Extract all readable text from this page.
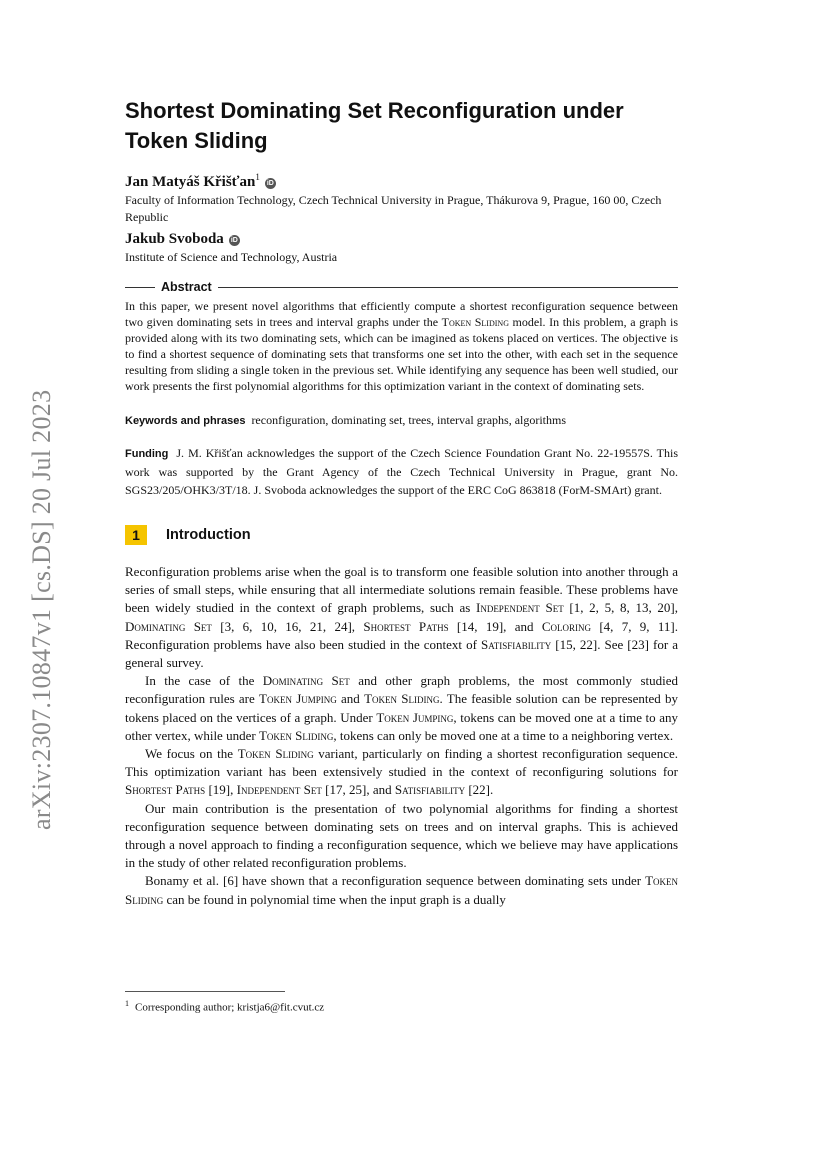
arXiv:2307.10847v1 [cs.DS] 20 Jul 2023
Shortest Dominating Set Reconfiguration under Token Sliding
Jan Matyáš Křišťan$^1$iD
Faculty of Information Technology, Czech Technical University in Prague, Thákurova 9, Prague, 160 00, Czech Republic
Jakub Svoboda iD
Institute of Science and Technology, Austria
Abstract

In this paper, we present novel algorithms that efficiently compute a shortest reconfiguration sequence between two given dominating sets in trees and interval graphs under the Token Sliding model. In this problem, a graph is provided along with its two dominating sets, which can be imagined as tokens placed on vertices. The objective is to find a shortest sequence of dominating sets that transforms one set into the other, with each set in the sequence resulting from sliding a single token in the previous set. While identifying any sequence has been well studied, our work presents the first polynomial algorithms for this optimization variant in the context of dominating sets.

Keywords and phrases reconfiguration, dominating set, trees, interval graphs, algorithms
Funding J. M. Křišťan acknowledges the support of the Czech Science Foundation Grant No. 22-19557S. This work was supported by the Grant Agency of the Czech Technical University in Prague, grant No. SGS23/205/OHK3/3T/18. J. Svoboda acknowledges the support of the ERC CoG 863818 (ForM-SMArt) grant.
1	Introduction

Reconfiguration problems arise when the goal is to transform one feasible solution into another through a series of small steps, while ensuring that all intermediate solutions remain feasible. These problems have been widely studied in the context of graph problems, such as Independent Set [1, 2, 5, 8, 13, 20], Dominating Set [3, 6, 10, 16, 21, 24], Shortest Paths [14, 19], and Coloring [4, 7, 9, 11]. Reconfiguration problems have also been studied in the context of Satisfiability [15, 22]. See [23] for a general survey.

In the case of the Dominating Set and other graph problems, the most commonly studied reconfiguration rules are Token Jumping and Token Sliding. The feasible solution can be represented by tokens placed on the vertices of a graph. Under Token Jumping, tokens can be moved one at a time to any other vertex, while under Token Sliding, tokens can only be moved one at a time to a neighboring vertex.

We focus on the Token Sliding variant, particularly on finding a shortest reconfiguration sequence. This optimization variant has been extensively studied in the context of reconfiguring solutions for Shortest Paths [19], Independent Set [17, 25], and Satisfiability [22].

Our main contribution is the presentation of two polynomial algorithms for finding a shortest reconfiguration sequence between dominating sets on trees and on interval graphs. This is achieved through a novel approach to finding a reconfiguration sequence, which we believe may have applications in the study of other related reconfiguration problems.

Bonamy et al. [6] have shown that a reconfiguration sequence between dominating sets under Token Sliding can be found in polynomial time when the input graph is a dually

$^1$ Corresponding author; kristja6@fit.cvut.cz
